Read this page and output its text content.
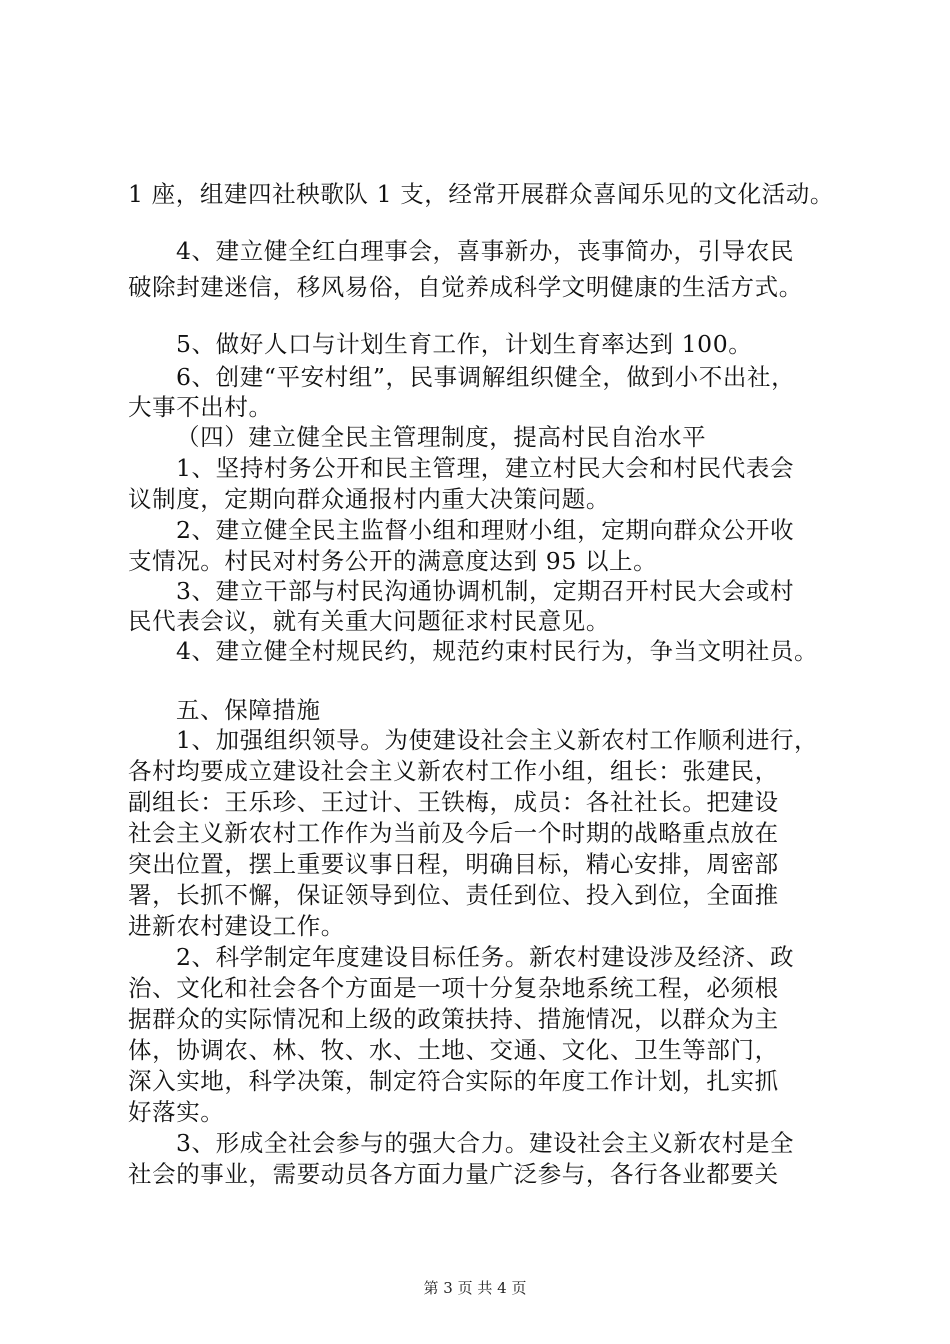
1 座，组建四社秧歌队 1 支，经常开展群众喜闻乐见的文化活动。
4、建立健全红白理事会，喜事新办，丧事简办，引导农民
破除封建迷信，移风易俗，自觉养成科学文明健康的生活方式。
5、做好人口与计划生育工作，计划生育率达到 100。
6、创建“平安村组”，民事调解组织健全，做到小不出社，
大事不出村。
（四）建立健全民主管理制度，提高村民自治水平
1、坚持村务公开和民主管理，建立村民大会和村民代表会
议制度，定期向群众通报村内重大决策问题。
2、建立健全民主监督小组和理财小组，定期向群众公开收
支情况。村民对村务公开的满意度达到 95 以上。
3、建立干部与村民沟通协调机制，定期召开村民大会或村
民代表会议，就有关重大问题征求村民意见。
4、建立健全村规民约，规范约束村民行为，争当文明社员。
五、保障措施
1、加强组织领导。为使建设社会主义新农村工作顺利进行，
各村均要成立建设社会主义新农村工作小组，组长：张建民，
副组长：王乐珍、王过计、王铁梅，成员：各社社长。把建设
社会主义新农村工作作为当前及今后一个时期的战略重点放在
突出位置，摆上重要议事日程，明确目标，精心安排，周密部
署，长抓不懈，保证领导到位、责任到位、投入到位，全面推
进新农村建设工作。
2、科学制定年度建设目标任务。新农村建设涉及经济、政
治、文化和社会各个方面是一项十分复杂地系统工程，必须根
据群众的实际情况和上级的政策扶持、措施情况，以群众为主
体，协调农、林、牧、水、土地、交通、文化、卫生等部门，
深入实地，科学决策，制定符合实际的年度工作计划，扎实抓
好落实。
3、形成全社会参与的强大合力。建设社会主义新农村是全
社会的事业，需要动员各方面力量广泛参与，各行各业都要关
第 3 页 共 4 页
